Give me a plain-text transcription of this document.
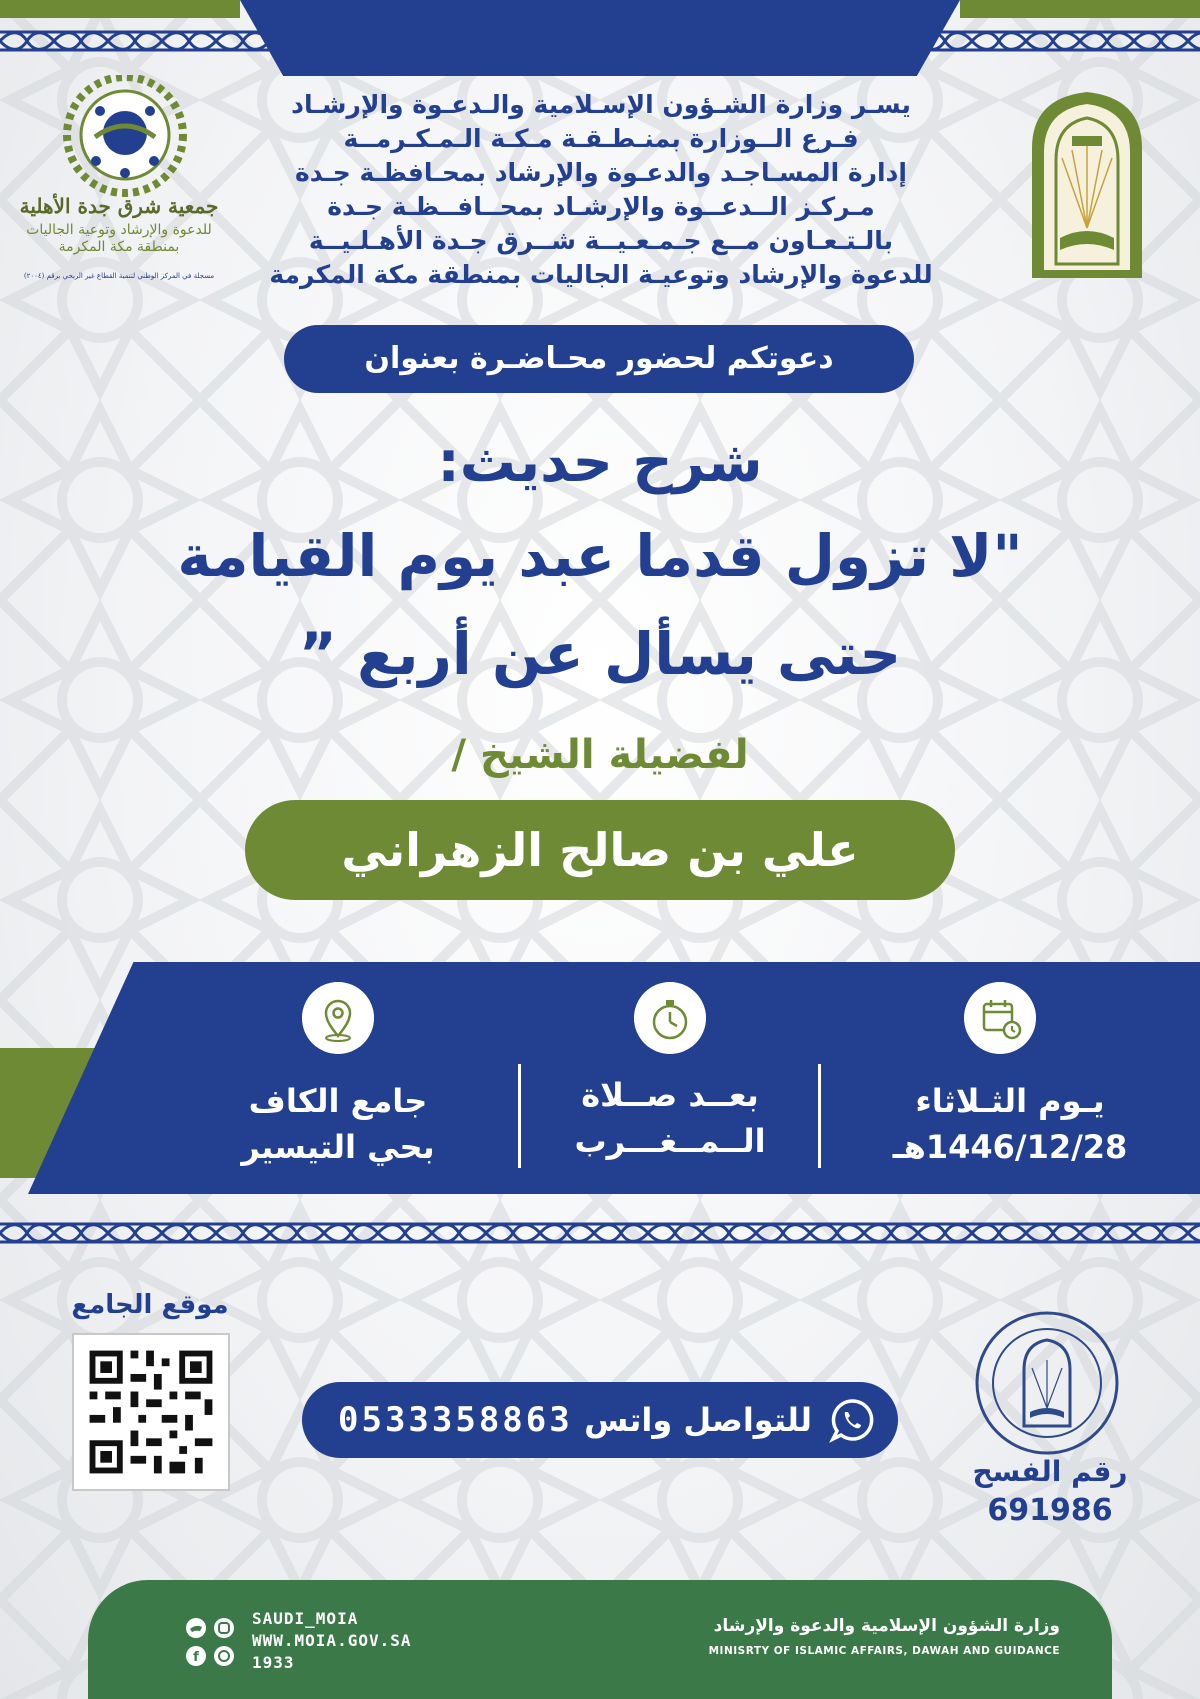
جمعية شرق جدة الأهلية
للدعوة والإرشاد وتوعية الجاليات
بمنطقة مكة المكرمة
مسجلة في المركز الوطني لتنمية القطاع غير الربحي برقم (٢٠٠٤)
يسـر وزارة الشـؤون الإسـلامية والـدعـوة والإرشـاد
فـرع الــوزارة بمنـطـقـة مـكـة الـمـكـرمــة
إدارة المسـاجـد والدعـوة والإرشاد بمحـافظـة جـدة
مـركـز الــدعــوة والإرشـاد بمحــافــظـة جـدة
بالـتـعـاون مــع جـمـعـيــة شــرق جـدة الأهـلـيــة
للدعوة والإرشاد وتوعيـة الجاليات بمنطقة مكة المكرمة
دعوتكم لحضور محـاضـرة بعنوان
شرح حديث:
"لا تزول قدما عبد يوم القيامة
حتى يسأل عن أربع ”
لفضيلة الشيخ /
علي بن صالح الزهراني
يـوم الثـلاثاء
1446/12/28هـ
بعــد صــلاة
الــمــغـــرب
جامع الكاف
بحي التيسير
موقع الجامع
للتواصل واتس
0533358863
رقم الفسح
691986
f
SAUDI_MOIA
WWW.MOIA.GOV.SA
1933
وزارة الشؤون الإسلامية والدعوة والإرشاد
MINISRTY OF ISLAMIC AFFAIRS, DAWAH AND GUIDANCE
